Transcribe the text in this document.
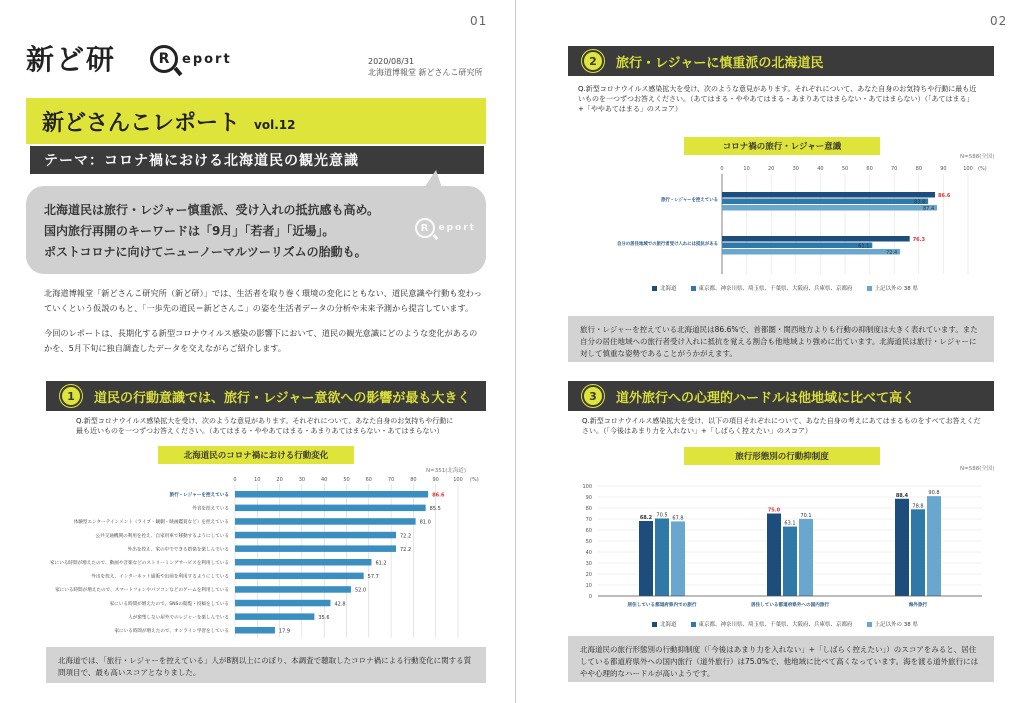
01
新ど研	R eport	2020/08/31
北海道博報堂 新どさんこ研究所
新どさんこレポート vol.12
テーマ：コロナ禍における北海道民の観光意識

北海道民は旅行・レジャー慎重派、受け入れの抵抗感も高め。

国内旅行再開のキーワードは「9月」「若者」「近場」。

ポストコロナに向けてニューノーマルツーリズムの胎動も。

R	eport

北海道博報堂「新どさんこ研究所（新ど研）」では、生活者を取り巻く環境の変化にともない、道民意識や行動も変わっていくという仮説のもと、「一歩先の道民＝新どさんこ」の姿を生活者データの分析や未来予測から提言しています。

今回のレポートは、長期化する新型コロナウイルス感染の影響下において、道民の観光意識にどのような変化があるのかを、5月下旬に独自調査したデータを交えながらご紹介します。

1	道民の行動意識では、旅行・レジャー意欲への影響が最も大きく
Q.新型コロナウイルス感染拡大を受け、次のような意見があります。それぞれについて、あなた自身のお気持ちや行動に最も近いものを一つずつお答えください。（あてはまる・ややあてはまる・あまりあてはまらない・あてはまらない）
北海道民のコロナ禍における行動変化
N=351(北海道)
0	10	20	30	40	50	60	70	80	90	100 (%)
旅行・レジャーを控えている	86.6
外食を控えている	85.5
体験型エンターテインメント（ライブ・観劇・映画鑑賞など）を控えている	81.0
公共交通機関の利用を控え、自家用車で移動するようにしている	72.2
外出を控え、家の中でできる娯楽を楽しんでいる	72.2
家にいる時間が増えたので、動画や音楽などのストリーミングサービスを利用している	61.2
外出を控え、インターネット通販や出前を利用するようにしている	57.7
家にいる時間が増えたので、スマートフォンやパソコンなどのゲームを利用している	52.0
家にいる時間が増えたので、SNSの閲覧・投稿をしている	42.8
人が密集しない屋外でのレジャーを楽しんでいる	35.6
家にいる時間が増えたので、オンライン学習をしている	17.9
北海道では、「旅行・レジャーを控えている」人が8割以上にのぼり、本調査で聴取したコロナ禍による行動変化に関する質問項目で、最も高いスコアとなりました。
02
2	旅行・レジャーに慎重派の北海道民
Q.新型コロナウイルス感染拡大を受け、次のような意見があります。それぞれについて、あなた自身のお気持ちや行動に最も近いものを一つずつお答えください。（あてはまる・ややあてはまる・あまりあてはまらない・あてはまらない）（「あてはまる」+「ややあてはまる」のスコア）
コロナ禍の旅行・レジャー意識
N=588(全国)
0	10	20	30	40	50	60	70	80	90	100 (%)
旅行・レジャーを控えている
86.6
83.8
87.4
自分の居住地域での旅行者受け入れには抵抗がある
76.3
61.1
72.4
北海道	東京都、神奈川県、埼玉県、千葉県、大阪府、兵庫県、京都府	上記以外の 38 県
旅行・レジャーを控えている北海道民は86.6%で、首都圏・関西地方よりも行動の抑制度は大きく表れています。また自分の居住地域への旅行者受け入れに抵抗を覚える割合も他地域より強めに出ています。北海道民は旅行・レジャーに対して慎重な姿勢であることがうかがえます。
3	道外旅行への心理的ハードルは他地域に比べて高く
Q.新型コロナウイルス感染拡大を受け、以下の項目それぞれについて、あなた自身の考えにあてはまるものをすべてお答えください。（「今後はあまり力を入れない」+「しばらく控えたい」のスコア）
旅行形態別の行動抑制度
N=588(全国)
0
10
20
30
40
50
60
70
80
90
100
68.2 70.5 67.8
居住している都道府県内での旅行
75.0
63.1
70.1
居住している都道府県外への国内旅行
88.4
78.8
90.8
海外旅行
北海道	東京都、神奈川県、埼玉県、千葉県、大阪府、兵庫県、京都府	上記以外の 38 県
北海道民の旅行形態別の行動抑制度（「今後はあまり力を入れない」+「しばらく控えたい」）のスコアをみると、居住している都道府県外への国内旅行（道外旅行）は75.0%で、他地域に比べて高くなっています。海を渡る道外旅行にはやや心理的なハードルが高いようです。
